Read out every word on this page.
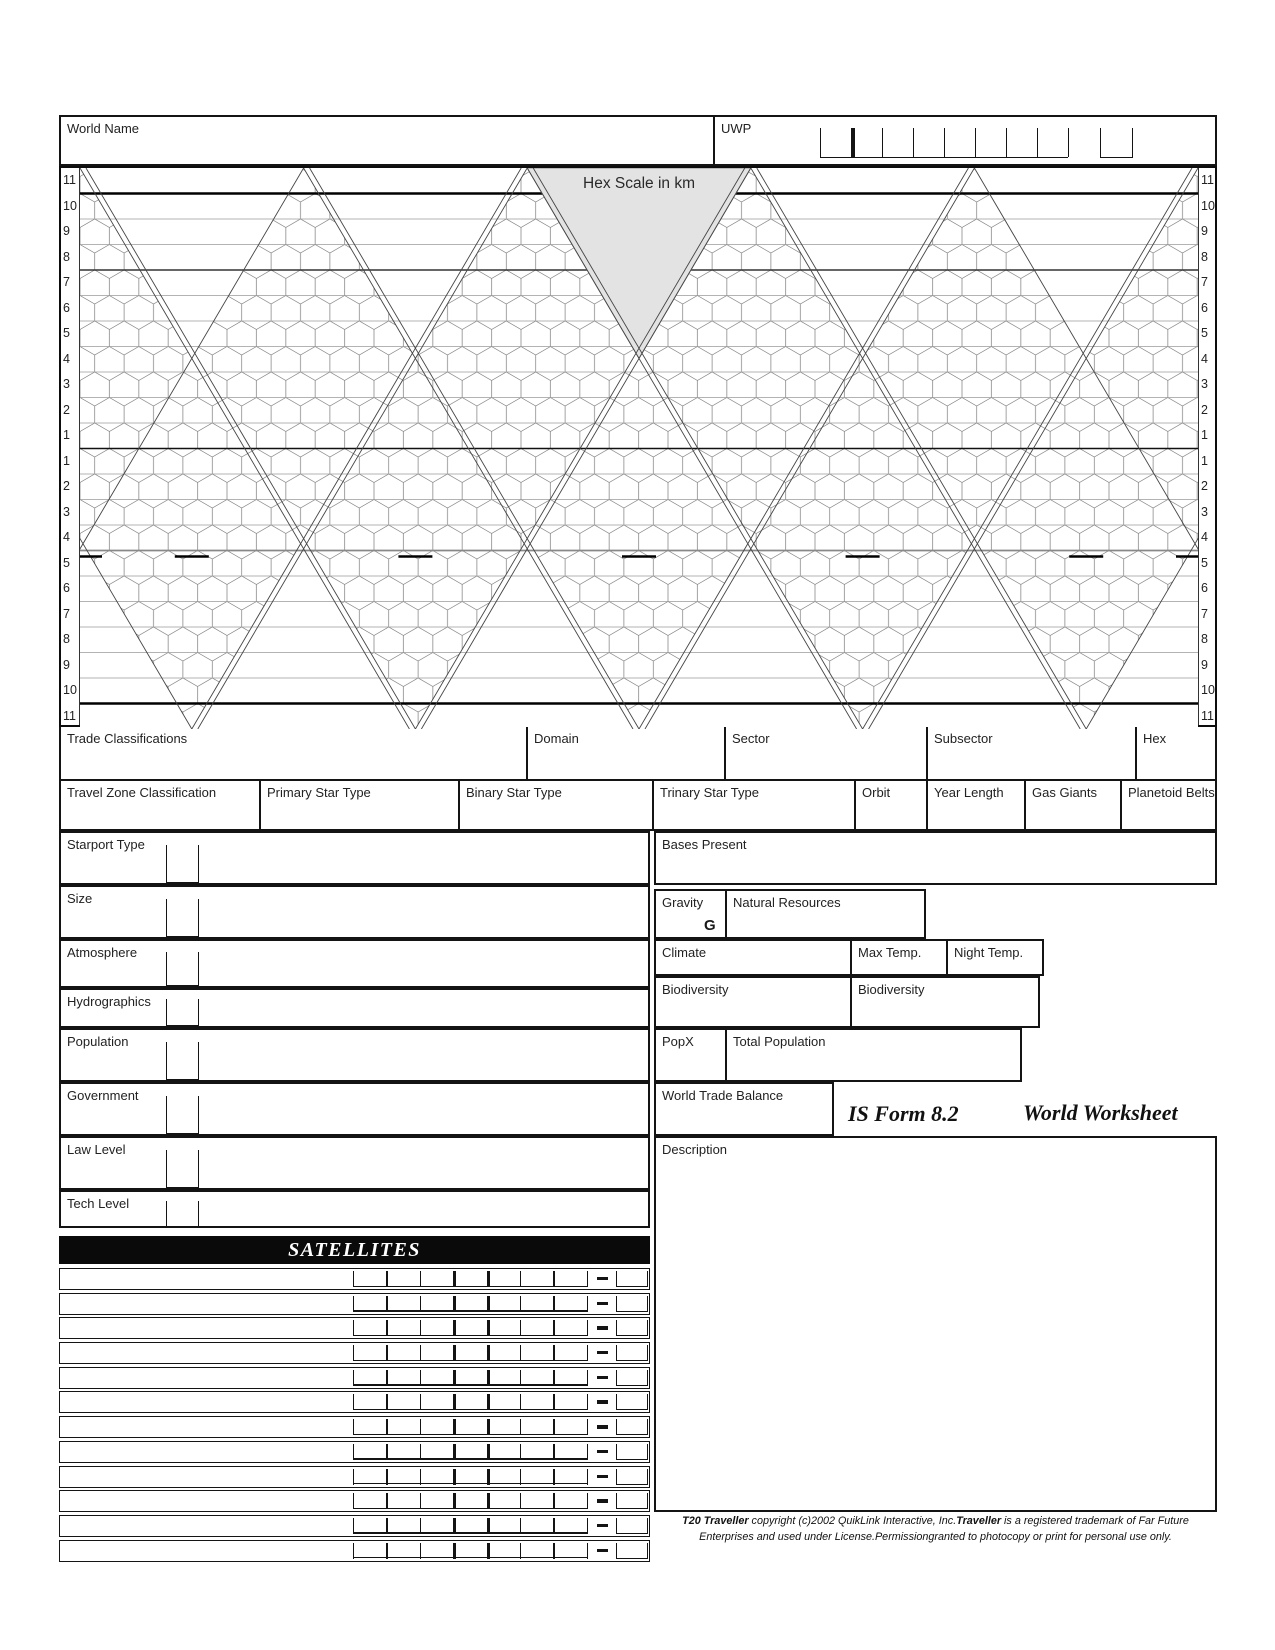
World Name	UWP
11
10
9
8
7
6
5
4
3
2
1
1
2
3
4
5
6
7
8
9
10
11
Hex Scale in km	11
10
9
8
7
6
5
4
3
2
1
1
2
3
4
5
6
7
8
9
10
11
Trade Classifications	Domain	Sector	Subsector	Hex
Travel Zone Classification	Primary Star Type	Binary Star Type	Trinary Star Type	Orbit	Year Length	Gas Giants	Planetoid Belts
Starport Type
Size
Atmosphere
Hydrographics
Population
Government
Law Level
Tech Level
Bases Present
Gravity
G
Natural Resources
Climate	Max Temp.	Night Temp.
Biodiversity	Biodiversity
PopX	Total Population
World Trade Balance
IS Form 8.2	World Worksheet
Description
SATELLITES
T20 Traveller copyright (c)2002 QuikLink Interactive, Inc.Traveller is a registered trademark of Far Future
Enterprises and used under License.Permissiongranted to photocopy or print for personal use only.
